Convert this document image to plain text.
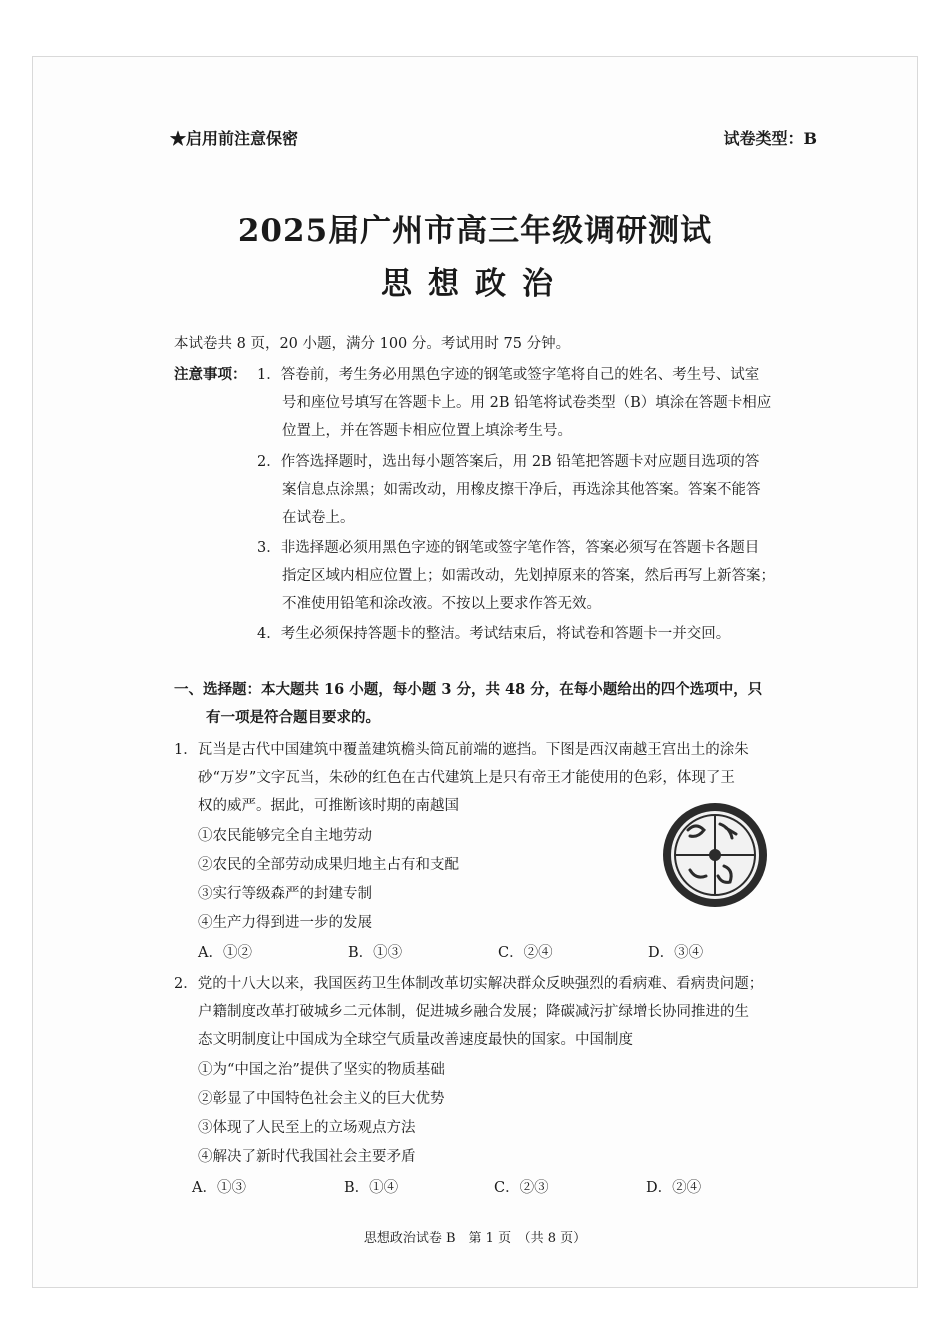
★启用前注意保密	试卷类型：B
2025届广州市高三年级调研测试
思想政治
本试卷共 8 页，20 小题，满分 100 分。考试用时 75 分钟。
注意事项： 1．答卷前，考生务必用黑色字迹的钢笔或签字笔将自己的姓名、考生号、试室
号和座位号填写在答题卡上。用 2B 铅笔将试卷类型（B）填涂在答题卡相应
位置上，并在答题卡相应位置上填涂考生号。
2．作答选择题时，选出每小题答案后，用 2B 铅笔把答题卡对应题目选项的答
案信息点涂黑；如需改动，用橡皮擦干净后，再选涂其他答案。答案不能答
在试卷上。
3．非选择题必须用黑色字迹的钢笔或签字笔作答，答案必须写在答题卡各题目
指定区域内相应位置上；如需改动，先划掉原来的答案，然后再写上新答案；
不准使用铅笔和涂改液。不按以上要求作答无效。
4．考生必须保持答题卡的整洁。考试结束后，将试卷和答题卡一并交回。
一、选择题：本大题共 16 小题，每小题 3 分，共 48 分，在每小题给出的四个选项中，只
有一项是符合题目要求的。
1．瓦当是古代中国建筑中覆盖建筑檐头筒瓦前端的遮挡。下图是西汉南越王宫出土的涂朱
砂“万岁”文字瓦当，朱砂的红色在古代建筑上是只有帝王才能使用的色彩，体现了王
权的威严。据此，可推断该时期的南越国
①农民能够完全自主地劳动
②农民的全部劳动成果归地主占有和支配
③实行等级森严的封建专制
④生产力得到进一步的发展
A．①②	B．①③	C．②④	D．③④
2．党的十八大以来，我国医药卫生体制改革切实解决群众反映强烈的看病难、看病贵问题；
户籍制度改革打破城乡二元体制，促进城乡融合发展；降碳减污扩绿增长协同推进的生
态文明制度让中国成为全球空气质量改善速度最快的国家。中国制度
①为“中国之治”提供了坚实的物质基础
②彰显了中国特色社会主义的巨大优势
③体现了人民至上的立场观点方法
④解决了新时代我国社会主要矛盾
A．①③	B．①④	C．②③	D．②④
思想政治试卷 B　第 1 页　（共 8 页）
